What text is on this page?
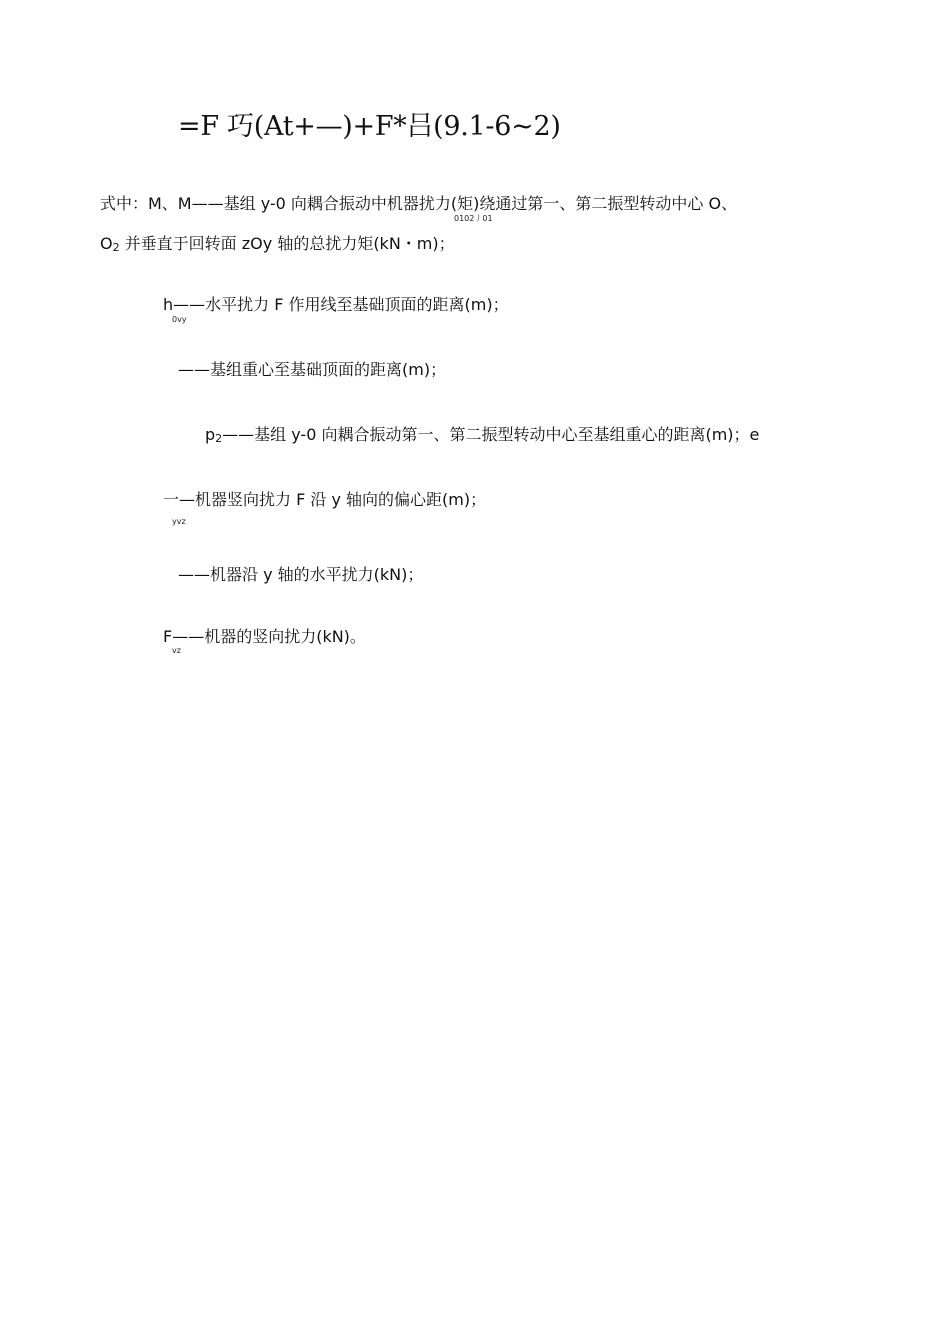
=F 巧(At+—)+F*吕(9.1-6~2)
式中：M、M——基组 y-0 向耦合振动中机器扰力(矩)绕通过第一、第二振型转动中心 O、
0102丿01
O2 并垂直于回转面 zOy 轴的总扰力矩(kN・m)；
h——水平扰力 F 作用线至基础顶面的距离(m)；
0vy
——基组重心至基础顶面的距离(m)；
p2——基组 y-0 向耦合振动第一、第二振型转动中心至基组重心的距离(m)；e
一—机器竖向扰力 F 沿 y 轴向的偏心距(m)；
yvz
——机器沿 y 轴的水平扰力(kN)；
F——机器的竖向扰力(kN)。
vz
